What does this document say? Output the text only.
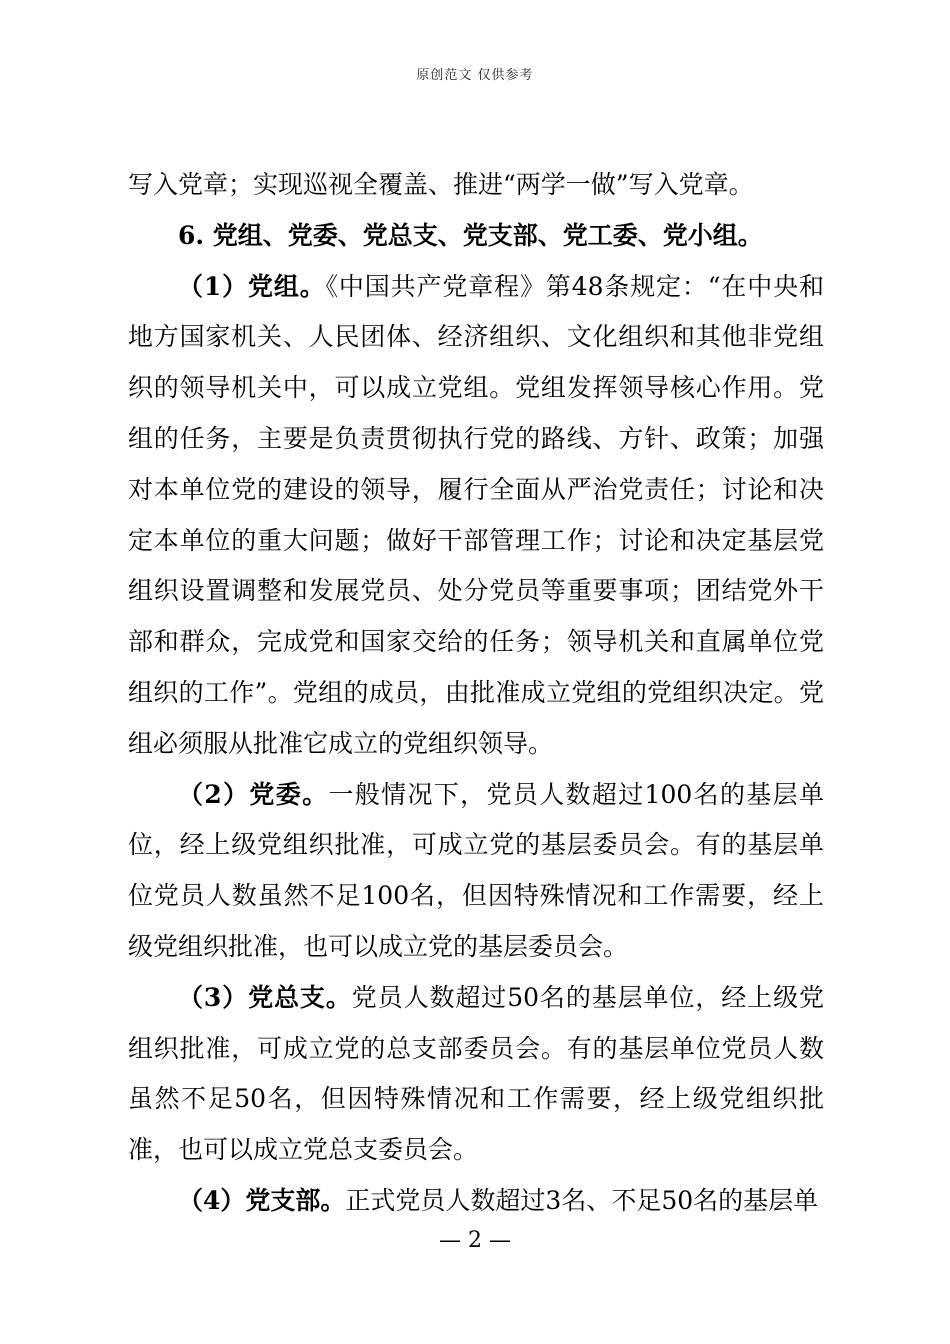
原创范文 仅供参考

写入党章；实现巡视全覆盖、推进“两学一做”写入党章。

6. 党组、党委、党总支、党支部、党工委、党小组。

（1）党组。《中国共产党章程》第48条规定：“在中央和地方国家机关、人民团体、经济组织、文化组织和其他非党组织的领导机关中，可以成立党组。党组发挥领导核心作用。党组的任务，主要是负责贯彻执行党的路线、方针、政策；加强对本单位党的建设的领导，履行全面从严治党责任；讨论和决定本单位的重大问题；做好干部管理工作；讨论和决定基层党组织设置调整和发展党员、处分党员等重要事项；团结党外干部和群众，完成党和国家交给的任务；领导机关和直属单位党组织的工作”。党组的成员，由批准成立党组的党组织决定。党组必须服从批准它成立的党组织领导。

（2）党委。一般情况下，党员人数超过100名的基层单位，经上级党组织批准，可成立党的基层委员会。有的基层单位党员人数虽然不足100名，但因特殊情况和工作需要，经上级党组织批准，也可以成立党的基层委员会。

（3）党总支。党员人数超过50名的基层单位，经上级党组织批准，可成立党的总支部委员会。有的基层单位党员人数虽然不足50名，但因特殊情况和工作需要，经上级党组织批准，也可以成立党总支委员会。

（4）党支部。正式党员人数超过3名、不足50名的基层单

— 2 —
